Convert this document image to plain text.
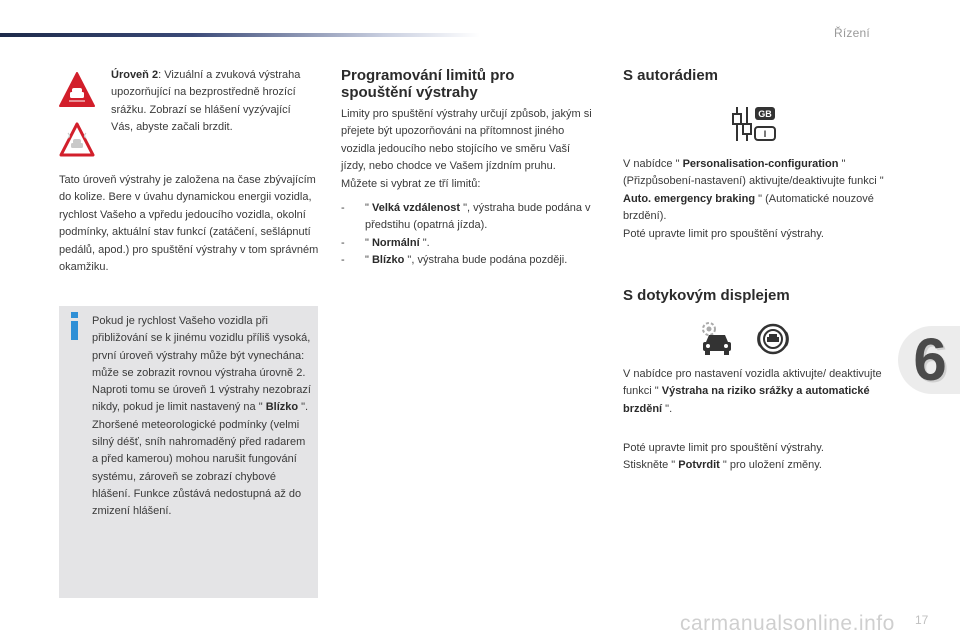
Řízení
Úroveň 2: Vizuální a zvuková výstraha upozorňující na bezprostředně hrozící srážku. Zobrazí se hlášení vyzývající Vás, abyste začali brzdit.
Tato úroveň výstrahy je založena na čase zbývajícím do kolize. Bere v úvahu dynamickou energii vozidla, rychlost Vašeho a vpředu jedoucího vozidla, okolní podmínky, aktuální stav funkcí (zatáčení, sešlápnutí pedálů, apod.) pro spuštění výstrahy v tom správném okamžiku.
Pokud je rychlost Vašeho vozidla při přibližování se k jinému vozidlu příliš vysoká, první úroveň výstrahy může být vynechána: může se zobrazit rovnou výstraha úrovně 2.
Naproti tomu se úroveň 1 výstrahy nezobrazí nikdy, pokud je limit nastavený na " Blízko ".
Zhoršené meteorologické podmínky (velmi silný déšť, sníh nahromaděný před radarem a před kamerou) mohou narušit fungování systému, zároveň se zobrazí chybové hlášení. Funkce zůstává nedostupná až do zmizení hlášení.
Programování limitů pro spouštění výstrahy
Limity pro spuštění výstrahy určují způsob, jakým si přejete být upozorňováni na přítomnost jiného vozidla jedoucího nebo stojícího ve směru Vaší jízdy, nebo chodce ve Vašem jízdním pruhu.
Můžete si vybrat ze tří limitů:
- " Velká vzdálenost ", výstraha bude podána v předstihu (opatrná jízda).
- " Normální ".
- " Blízko ", výstraha bude podána později.
S autorádiem
GB
I
V nabídce " Personalisation-configuration " (Přizpůsobení-nastavení) aktivujte/deaktivujte funkci " Auto. emergency braking " (Automatické nouzové brzdění).
Poté upravte limit pro spouštění výstrahy.
S dotykovým displejem
V nabídce pro nastavení vozidla aktivujte/ deaktivujte funkci " Výstraha na riziko srážky a automatické brzdění ".
Poté upravte limit pro spouštění výstrahy.
Stiskněte " Potvrdit " pro uložení změny.
6
carmanualsonline.info 17
